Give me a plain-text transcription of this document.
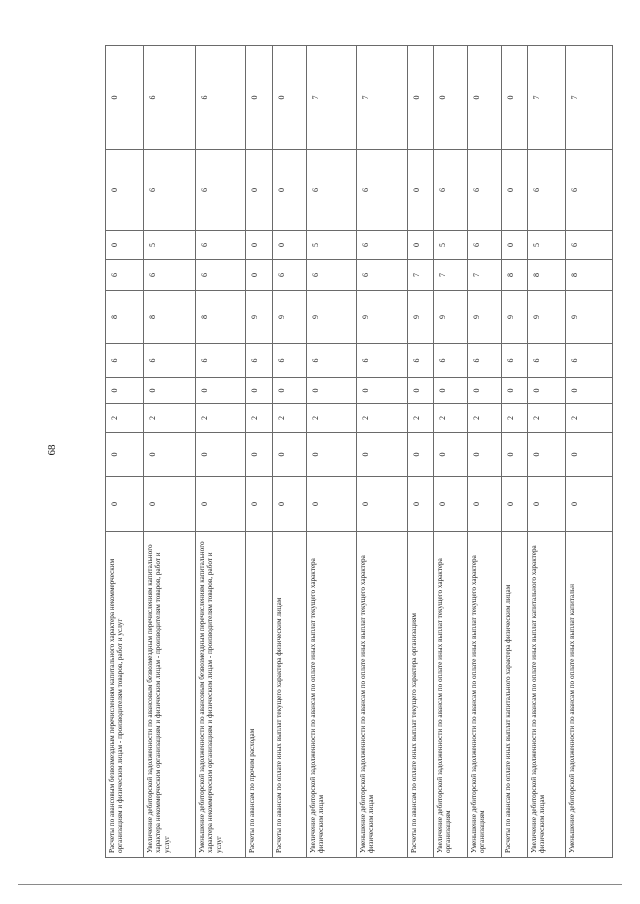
68
Расчеты по авансовым безвозмездным перечислениям капитального характера некоммерческим организациям и физическим лицам - производителям товаров, работ и услуг	0	0	2	0	6	8	6	0	0	0
Увеличение дебиторской задолженности по авансовым безвозмездным перечислениям капитального характера некоммерческим организациям и физическим лицам - производителям товаров, работ и услуг	0	0	2	0	6	8	6	5	6	6
Уменьшение дебиторской задолженности по авансовым безвозмездным перечислениям капитального характера некоммерческим организациям и физическим лицам - производителям товаров, работ и услуг	0	0	2	0	6	8	6	6	6	6
Расчеты по авансам по прочим расходам	0	0	2	0	6	9	0	0	0	0
Расчеты по авансам по оплате иных выплат текущего характера физическим лицам	0	0	2	0	6	9	6	0	0	0
Увеличение дебиторской задолженности по авансам по оплате иных выплат текущего характера физическим лицам	0	0	2	0	6	9	6	5	6	7
Уменьшение дебиторской задолженности по авансам по оплате иных выплат текущего характера физическим лицам	0	0	2	0	6	9	6	6	6	7
Расчеты по авансам по оплате иных выплат текущего характера организациям	0	0	2	0	6	9	7	0	0	0
Увеличение дебиторской задолженности по авансам по оплате иных выплат текущего характера организациям	0	0	2	0	6	9	7	5	6	0
Уменьшение дебиторской задолженности по авансам по оплате иных выплат текущего характера организациям	0	0	2	0	6	9	7	6	6	0
Расчеты по авансам по оплате иных выплат капитального характера физическим лицам	0	0	2	0	6	9	8	0	0	0
Увеличение дебиторской задолженности по авансам по оплате иных выплат капитального характера физическим лицам	0	0	2	0	6	9	8	5	6	7
Уменьшение дебиторской задолженности по авансам по оплате иных выплат капитальн	0	0	2	0	6	9	8	6	6	7
